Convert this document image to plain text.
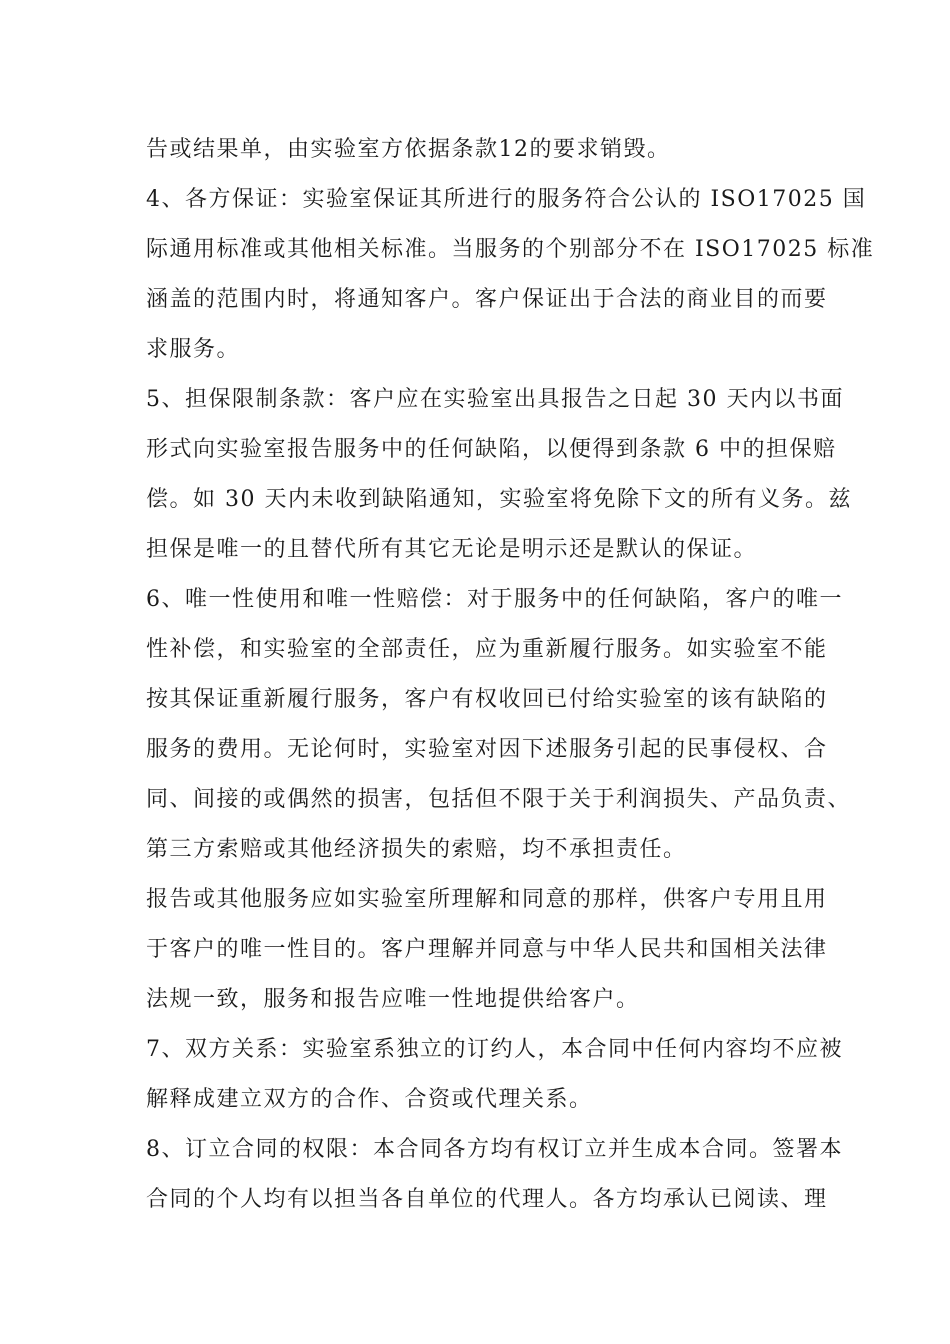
告或结果单，由实验室方依据条款12的要求销毁。
4、各方保证：实验室保证其所进行的服务符合公认的 ISO17025 国
际通用标准或其他相关标准。当服务的个别部分不在 ISO17025 标准
涵盖的范围内时，将通知客户。客户保证出于合法的商业目的而要
求服务。
5、担保限制条款：客户应在实验室出具报告之日起 30 天内以书面
形式向实验室报告服务中的任何缺陷，以便得到条款 6 中的担保赔
偿。如 30 天内未收到缺陷通知，实验室将免除下文的所有义务。兹
担保是唯一的且替代所有其它无论是明示还是默认的保证。
6、唯一性使用和唯一性赔偿：对于服务中的任何缺陷，客户的唯一
性补偿，和实验室的全部责任，应为重新履行服务。如实验室不能
按其保证重新履行服务，客户有权收回已付给实验室的该有缺陷的
服务的费用。无论何时，实验室对因下述服务引起的民事侵权、合
同、间接的或偶然的损害，包括但不限于关于利润损失、产品负责、
第三方索赔或其他经济损失的索赔，均不承担责任。
报告或其他服务应如实验室所理解和同意的那样，供客户专用且用
于客户的唯一性目的。客户理解并同意与中华人民共和国相关法律
法规一致，服务和报告应唯一性地提供给客户。
7、双方关系：实验室系独立的订约人，本合同中任何内容均不应被
解释成建立双方的合作、合资或代理关系。
8、订立合同的权限：本合同各方均有权订立并生成本合同。签署本
合同的个人均有以担当各自单位的代理人。各方均承认已阅读、理
